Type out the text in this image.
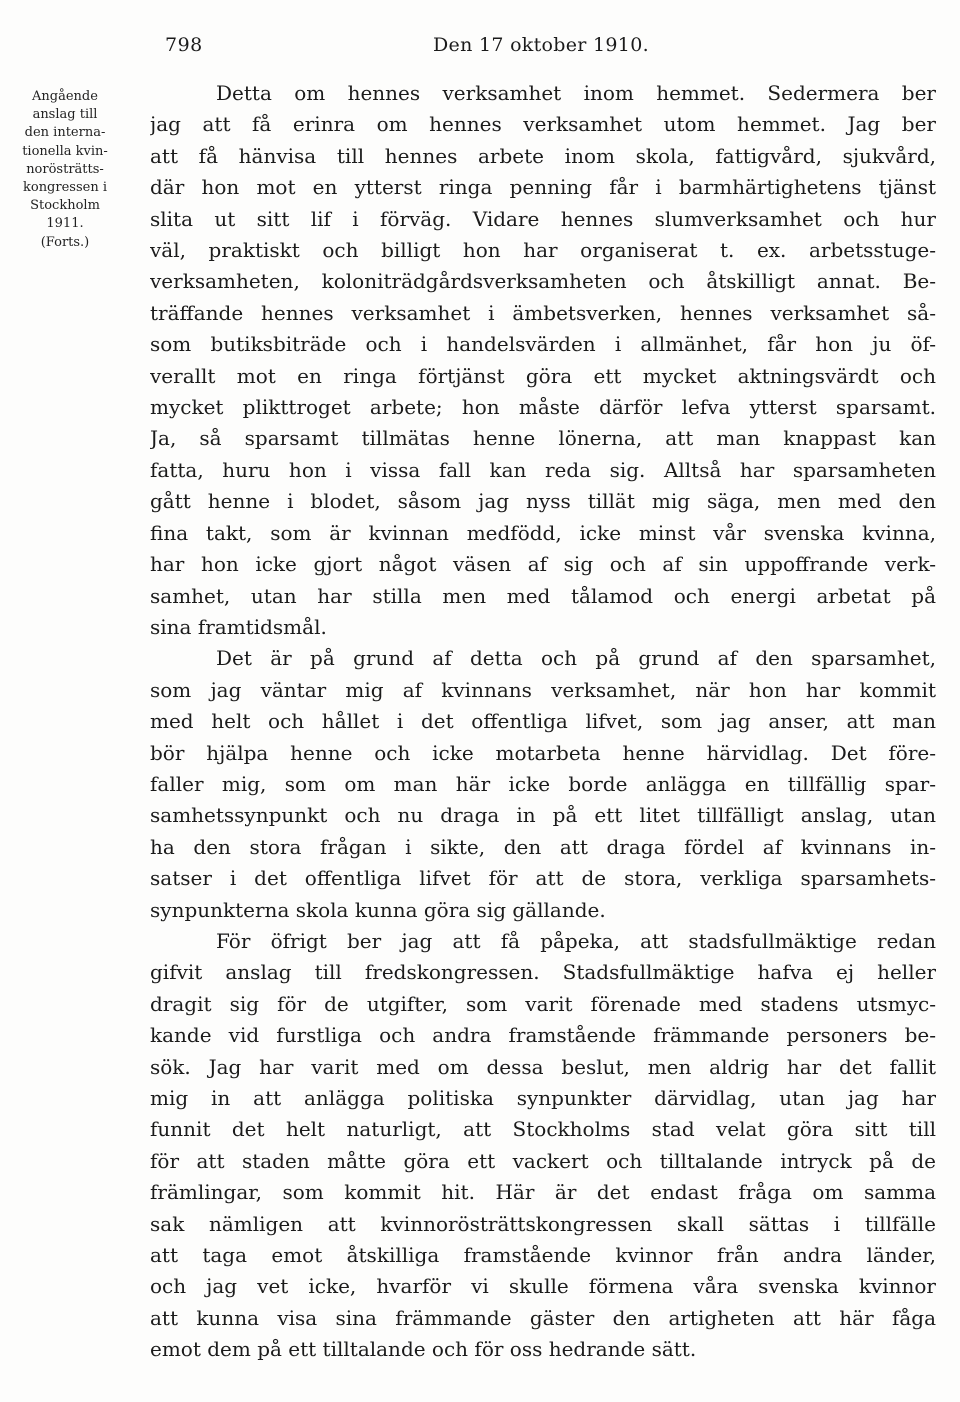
798	Den 17 oktober 1910.
Angående
anslag till
den interna-
tionella kvin-
norösträtts-
kongressen i
Stockholm
1911.
(Forts.)
Detta om hennes verksamhet inom hemmet. Sedermera ber
jag att få erinra om hennes verksamhet utom hemmet. Jag ber
att få hänvisa till hennes arbete inom skola, fattigvård, sjukvård,
där hon mot en ytterst ringa penning får i barmhärtighetens tjänst
slita ut sitt lif i förväg. Vidare hennes slumverksamhet och hur
väl, praktiskt och billigt hon har organiserat t. ex. arbetsstuge-
verksamheten, koloniträdgårdsverksamheten och åtskilligt annat. Be-
träffande hennes verksamhet i ämbetsverken, hennes verksamhet så-
som butiksbiträde och i handelsvärden i allmänhet, får hon ju öf-
verallt mot en ringa förtjänst göra ett mycket aktningsvärdt och
mycket plikttroget arbete; hon måste därför lefva ytterst sparsamt.
Ja, så sparsamt tillmätas henne lönerna, att man knappast kan
fatta, huru hon i vissa fall kan reda sig. Alltså har sparsamheten
gått henne i blodet, såsom jag nyss tillät mig säga, men med den
fina takt, som är kvinnan medfödd, icke minst vår svenska kvinna,
har hon icke gjort något väsen af sig och af sin uppoffrande verk-
samhet, utan har stilla men med tålamod och energi arbetat på
sina framtidsmål.
Det är på grund af detta och på grund af den sparsamhet,
som jag väntar mig af kvinnans verksamhet, när hon har kommit
med helt och hållet i det offentliga lifvet, som jag anser, att man
bör hjälpa henne och icke motarbeta henne härvidlag. Det före-
faller mig, som om man här icke borde anlägga en tillfällig spar-
samhetssynpunkt och nu draga in på ett litet tillfälligt anslag, utan
ha den stora frågan i sikte, den att draga fördel af kvinnans in-
satser i det offentliga lifvet för att de stora, verkliga sparsamhets-
synpunkterna skola kunna göra sig gällande.
För öfrigt ber jag att få påpeka, att stadsfullmäktige redan
gifvit anslag till fredskongressen. Stadsfullmäktige hafva ej heller
dragit sig för de utgifter, som varit förenade med stadens utsmyc-
kande vid furstliga och andra framstående främmande personers be-
sök. Jag har varit med om dessa beslut, men aldrig har det fallit
mig in att anlägga politiska synpunkter därvidlag, utan jag har
funnit det helt naturligt, att Stockholms stad velat göra sitt till
för att staden måtte göra ett vackert och tilltalande intryck på de
främlingar, som kommit hit. Här är det endast fråga om samma
sak nämligen att kvinnorösträttskongressen skall sättas i tillfälle
att taga emot åtskilliga framstående kvinnor från andra länder,
och jag vet icke, hvarför vi skulle förmena våra svenska kvinnor
att kunna visa sina främmande gäster den artigheten att här fåga
emot dem på ett tilltalande och för oss hedrande sätt.
